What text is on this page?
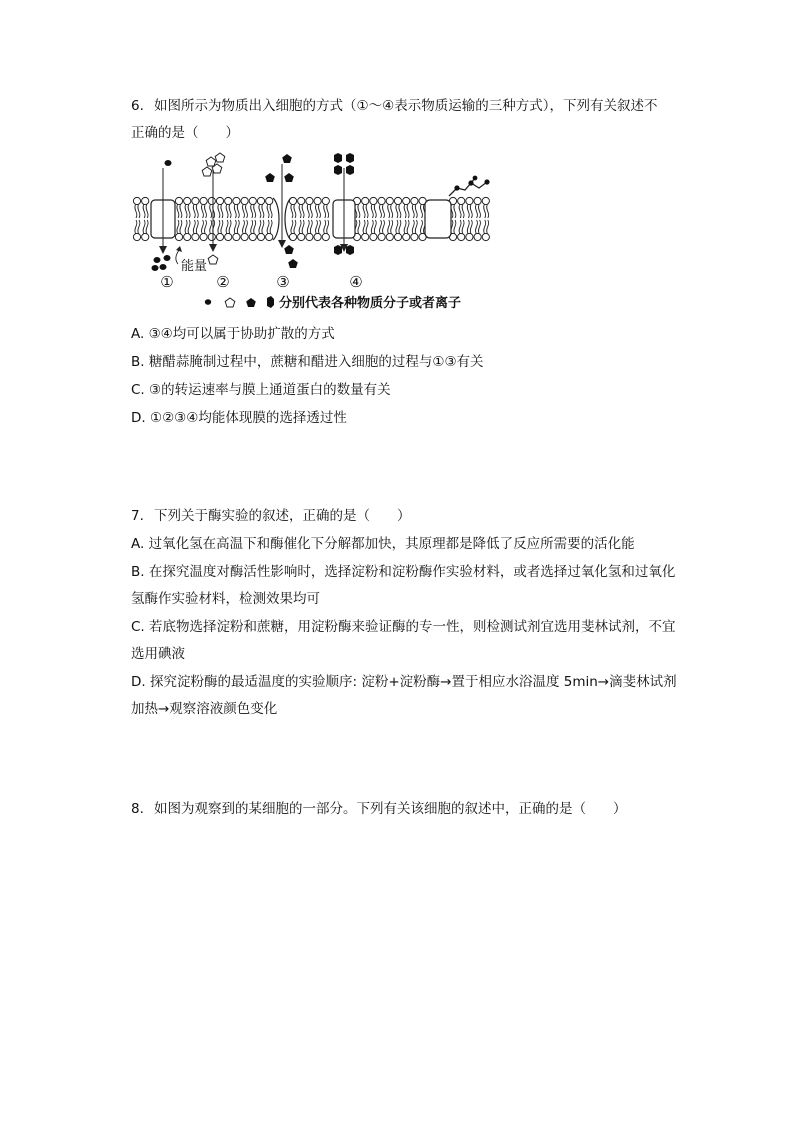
6. 如图所示为物质出入细胞的方式（①～④表示物质运输的三种方式），下列有关叙述不

正确的是（　　）

能量
①	②	③	④
分别代表各种物质分子或者离子

A. ③④均可以属于协助扩散的方式

B. 糖醋蒜腌制过程中，蔗糖和醋进入细胞的过程与①③有关

C. ③的转运速率与膜上通道蛋白的数量有关

D. ①②③④均能体现膜的选择透过性

7. 下列关于酶实验的叙述，正确的是（　　）

A. 过氧化氢在高温下和酶催化下分解都加快，其原理都是降低了反应所需要的活化能

B. 在探究温度对酶活性影响时，选择淀粉和淀粉酶作实验材料，或者选择过氧化氢和过氧化

氢酶作实验材料，检测效果均可

C. 若底物选择淀粉和蔗糖，用淀粉酶来验证酶的专一性，则检测试剂宜选用斐林试剂，不宜

选用碘液

D. 探究淀粉酶的最适温度的实验顺序: 淀粉+淀粉酶→置于相应水浴温度 5min→滴斐林试剂

加热→观察溶液颜色变化

8. 如图为观察到的某细胞的一部分。下列有关该细胞的叙述中，正确的是（　　）
